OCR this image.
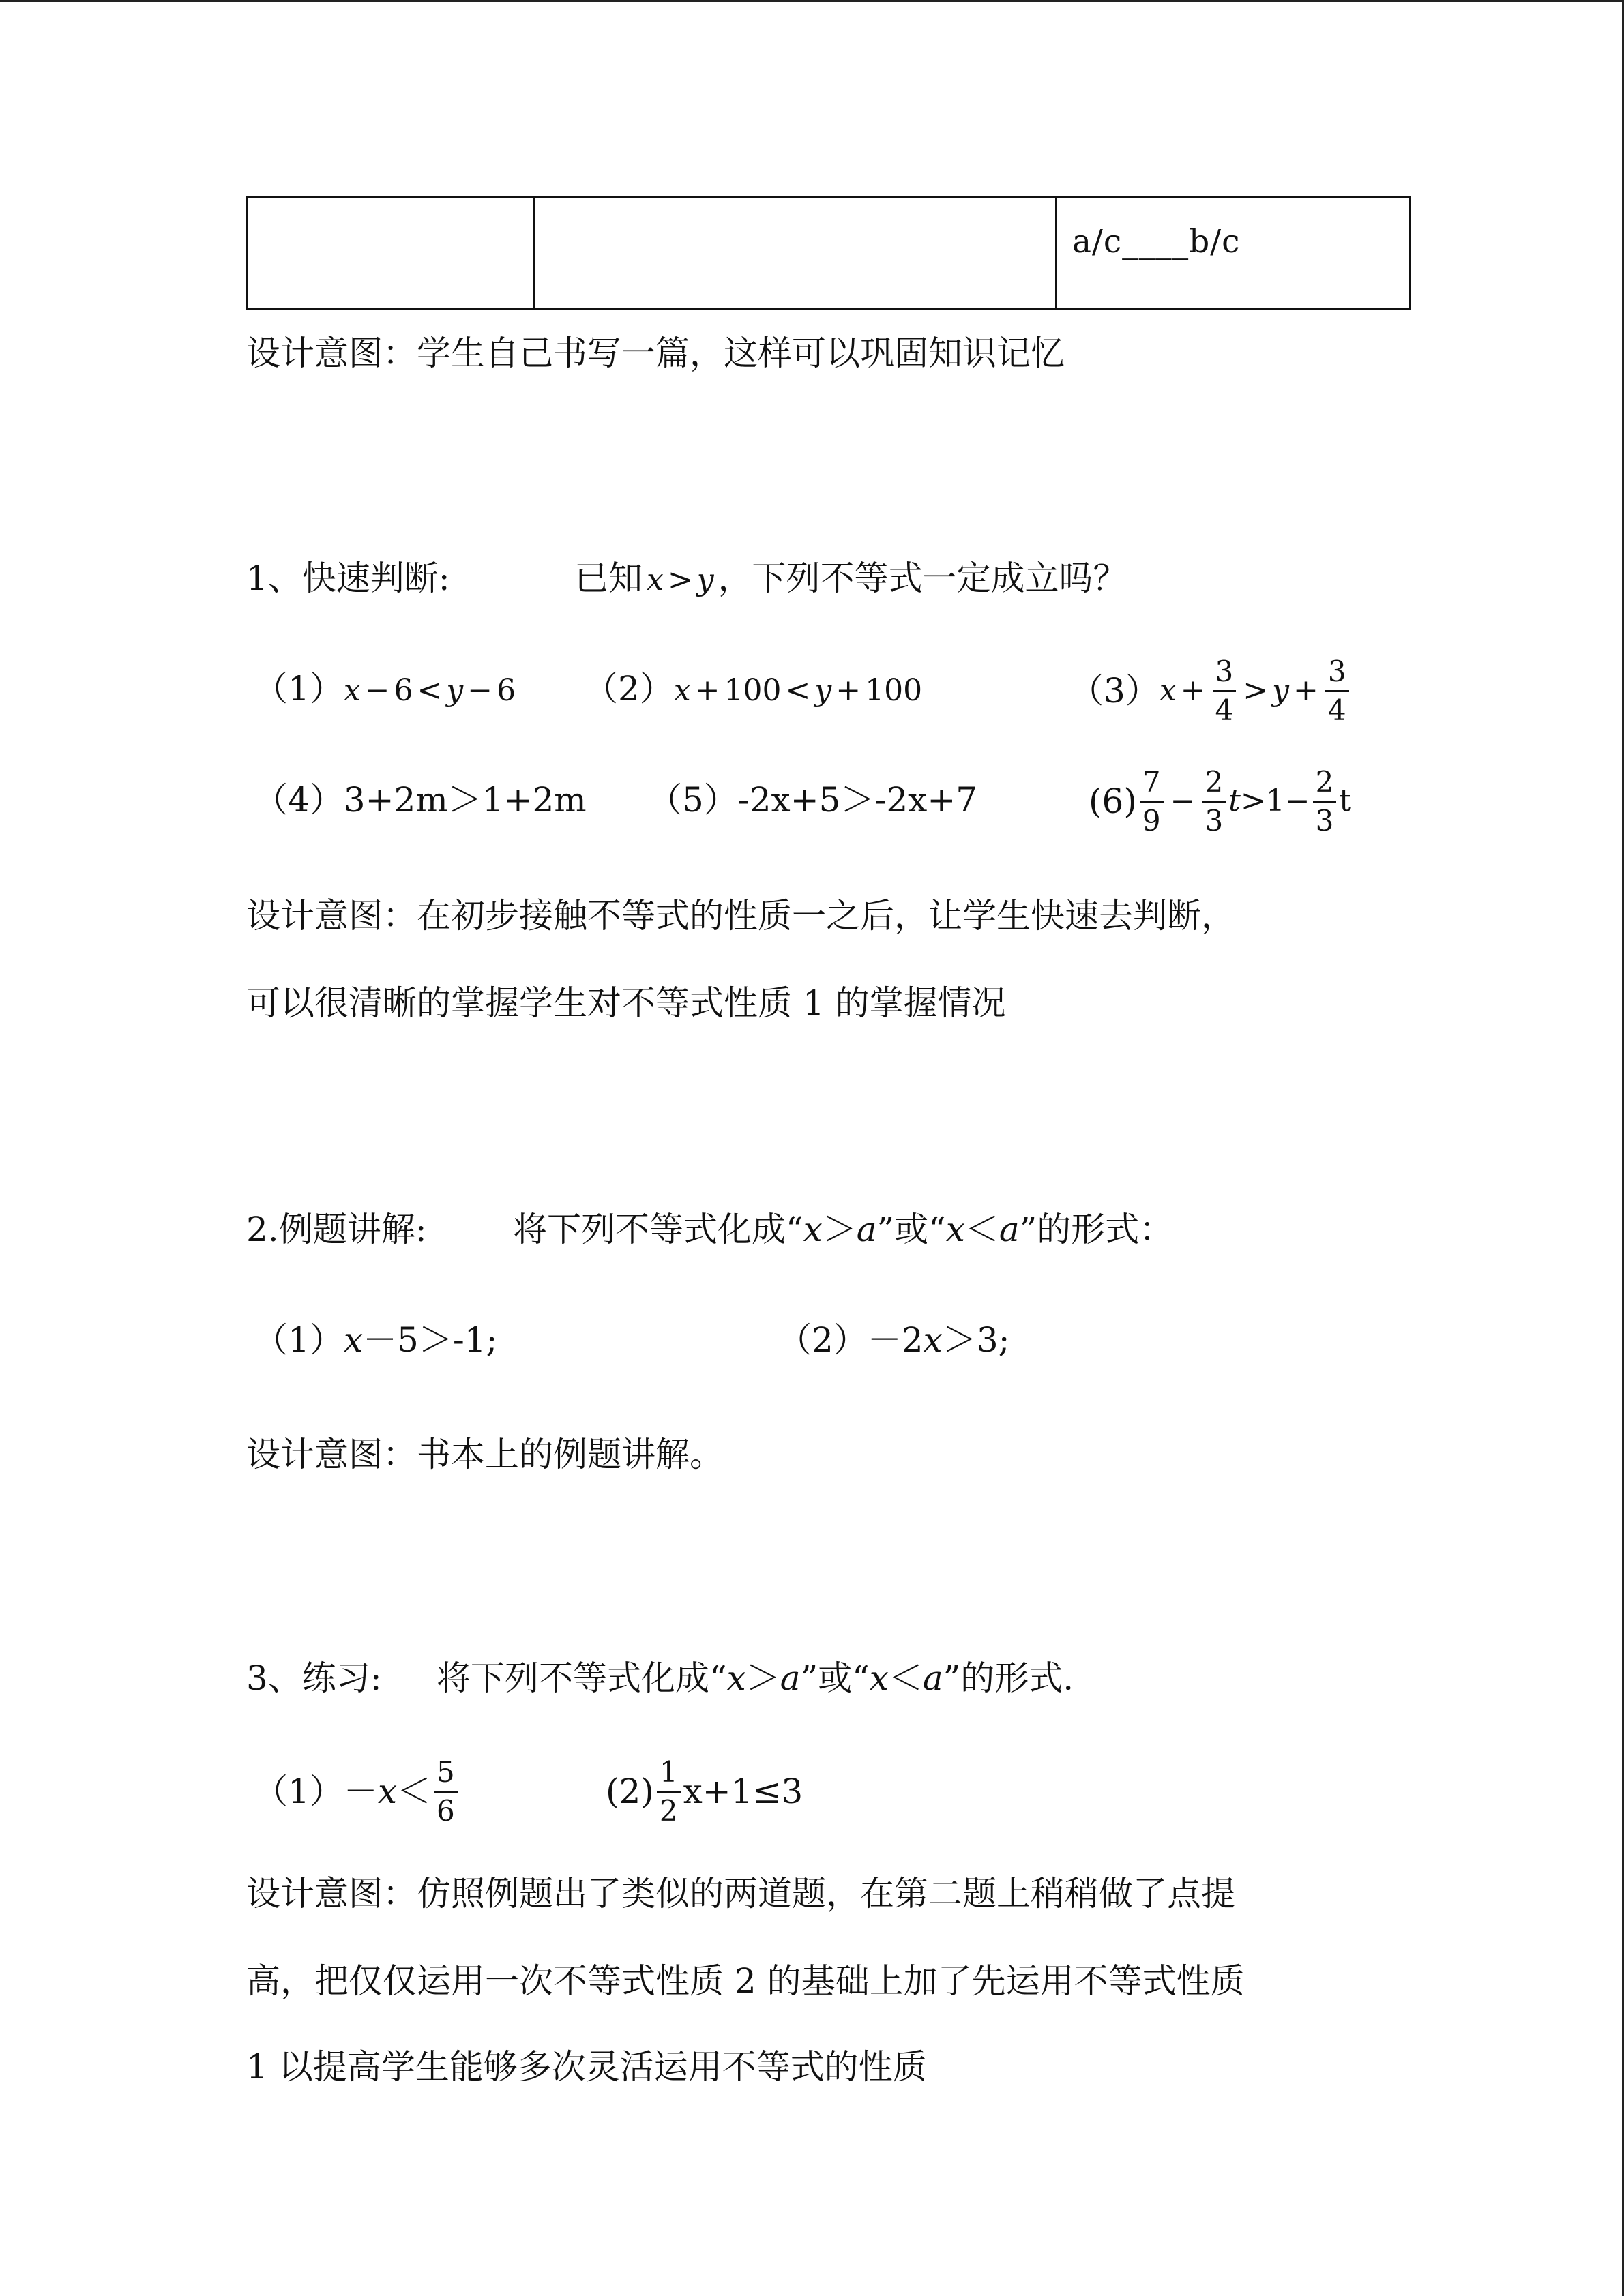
		a/c____b/c
设计意图：学生自己书写一篇，这样可以巩固知识记忆
1、快速判断:	已知 x > y ，下列不等式一定成立吗？
（1）x − 6 < y − 6 （2）x + 100 < y + 100	（3） $x + \frac{3}{4} > y + \frac{3}{4}$
（4）3+2m＞1+2m （5）-2x+5＞-2x+7	$(6) \frac{7}{9} - \frac{2}{3}$ $t >1- \frac{2}{3}$ t
设计意图：在初步接触不等式的性质一之后，让学生快速去判断，
可以很清晰的掌握学生对不等式性质 1 的掌握情况
2.例题讲解:	将下列不等式化成“x＞a”或“x＜a”的形式：
（1）x－5＞-1;	（2）－2x＞3;
设计意图：书本上的例题讲解。
3、练习: 将下列不等式化成“x＞a”或“x＜a”的形式.
$(1)- x < \frac{5}{6}$	$(2) \frac{1}{2} x+1\le 3$
设计意图：仿照例题出了类似的两道题，在第二题上稍稍做了点提
高，把仅仅运用一次不等式性质 2 的基础上加了先运用不等式性质
1 以提高学生能够多次灵活运用不等式的性质
